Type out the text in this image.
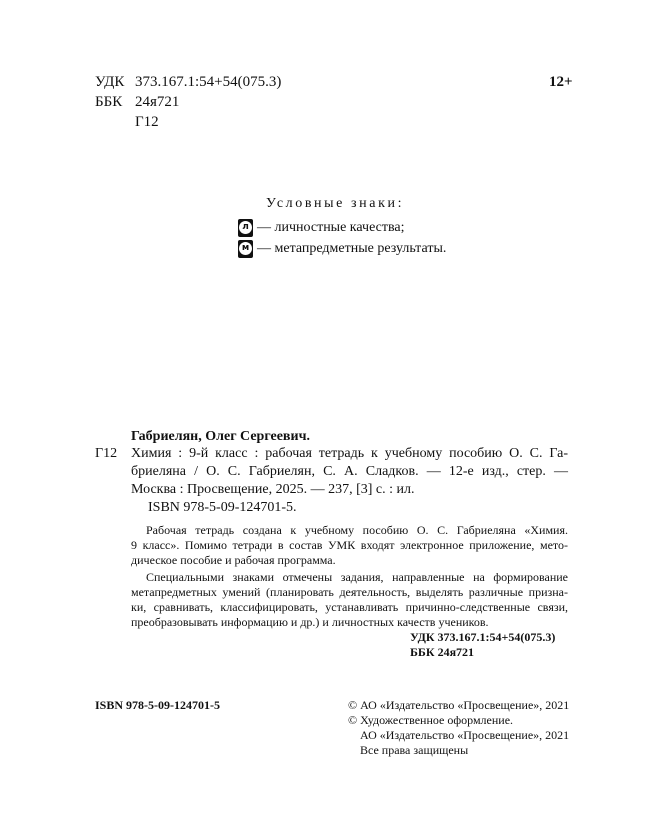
УДК 373.167.1:54+54(075.3)
ББК 24я721
Г12
12+
Условные знаки:
л — личностные качества;
м — метапредметные результаты.
Габриелян, Олег Сергеевич.
Г12 Химия : 9-й класс : рабочая тетрадь к учебному пособию О. С. Га-
бриеляна / О. С. Габриелян, С. А. Сладков. — 12-е изд., стер. —
Москва : Просвещение, 2025. — 237, [3] с. : ил.
ISBN 978-5-09-124701-5.
Рабочая тетрадь создана к учебному пособию О. С. Габриеляна «Химия.
9 класс». Помимо тетради в состав УМК входят электронное приложение, мето-
дическое пособие и рабочая программа.
Специальными знаками отмечены задания, направленные на формирование
метапредметных умений (планировать деятельность, выделять различные призна-
ки, сравнивать, классифицировать, устанавливать причинно-следственные связи,
преобразовывать информацию и др.) и личностных качеств учеников.
УДК 373.167.1:54+54(075.3)
ББК 24я721
ISBN 978-5-09-124701-5	© АО «Издательство «Просвещение», 2021
© Художественное оформление.
АО «Издательство «Просвещение», 2021
Все права защищены
